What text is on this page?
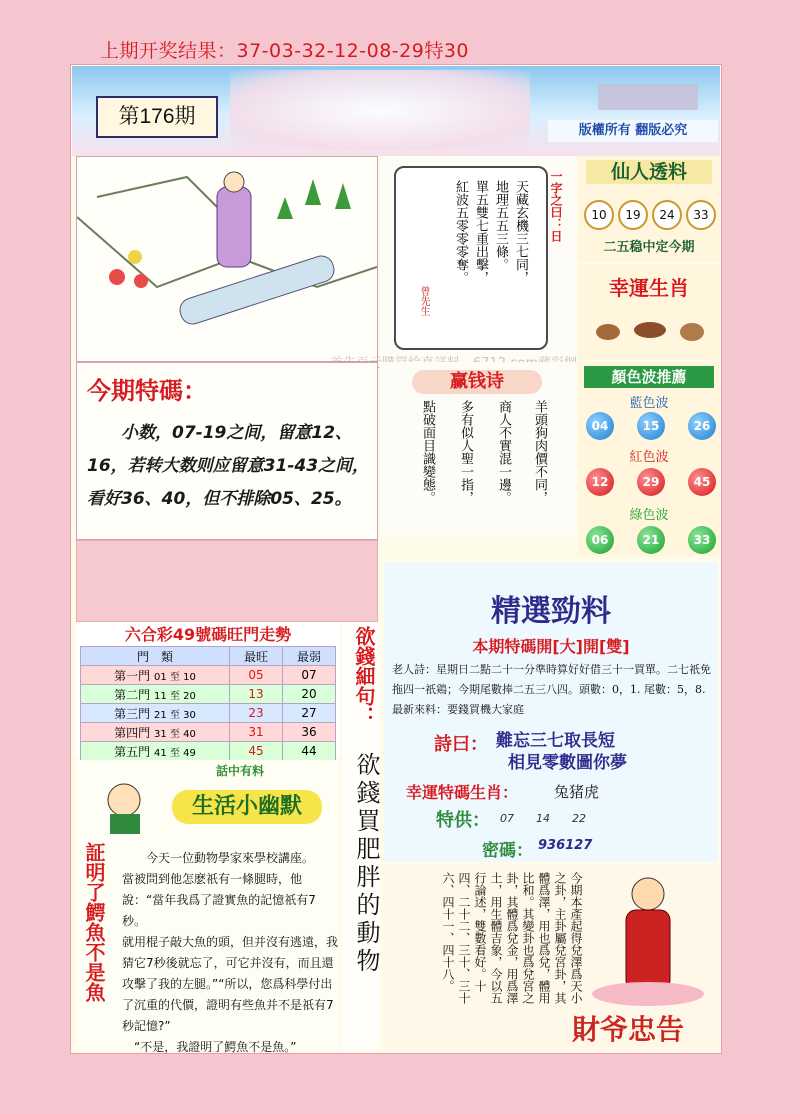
上期开奖结果：37-03-32-12-08-29特30
第176期
版權所有 翻版必究
一字之曰：日
天藏玄機三七同，
地理五五三條。
單五雙七重出擊，
紅波五零零零奪。
曾先生
仙人透料
10 19 24 33
二五稳中定今期
幸運生肖
今期特碼：
小数，07-19之间，留意12、16，若转大数则应留意31-43之间，看好36、40，但不排除05、25。
赢钱诗
羊頭狗肉價不同，
商人不實混一邊。
多有似人聖一指，
點破面目識變態。
顏色波推薦
藍色波
04	15	26
紅色波
12	29	45
綠色波
06	21	33
六合彩49號碼旺門走勢
門　類	最旺	最弱
第一門 01 至 10	05	07
第二門 11 至 20	13	20
第三門 21 至 30	23	27
第四門 31 至 40	31	36
第五門 41 至 49	45	44
欲錢細句：
欲錢買肥胖的動物
話中有料
生活小幽默
証明了鰐魚不是魚	今天一位動物學家來學校講座。
當被問到他怎麽祇有一條腿時，他說：“當年我爲了證實魚的記憶祇有7秒。
就用棍子敲大魚的頭，但并沒有逃遠，我猜它7秒後就忘了，可它并沒有，而且還攻擊了我的左腿。”“所以，您爲科學付出了沉重的代價，證明有些魚并不是祇有7秒記憶?”
“不是，我證明了鰐魚不是魚。”
精選勁料
本期特碼開[大]開[雙]
老人詩：星期日二點二十一分準時算好好借三十一買單。二七祇免拖四一祇鶏；今期尾數捧二五三八四。頭數：0，1. 尾數：5，8. 最新來料：要錢買機大家庭
詩曰： 難忘三七取長短
相見零數圖你夢
幸運特碼生肖： 兔猪虎
特供： 07　　 14　　 22
密碼： 936127
今期本產起得兌澤爲天小之卦，主卦屬兌宮卦，其體爲澤，用也爲兌，體用比和。其變卦也爲兌宮之卦，其體爲兌金，用爲澤土，用生體吉象，今以五行論述，雙數看好。十四、二十二、三十、三十六、四十一、四十八。
財爷忠告
